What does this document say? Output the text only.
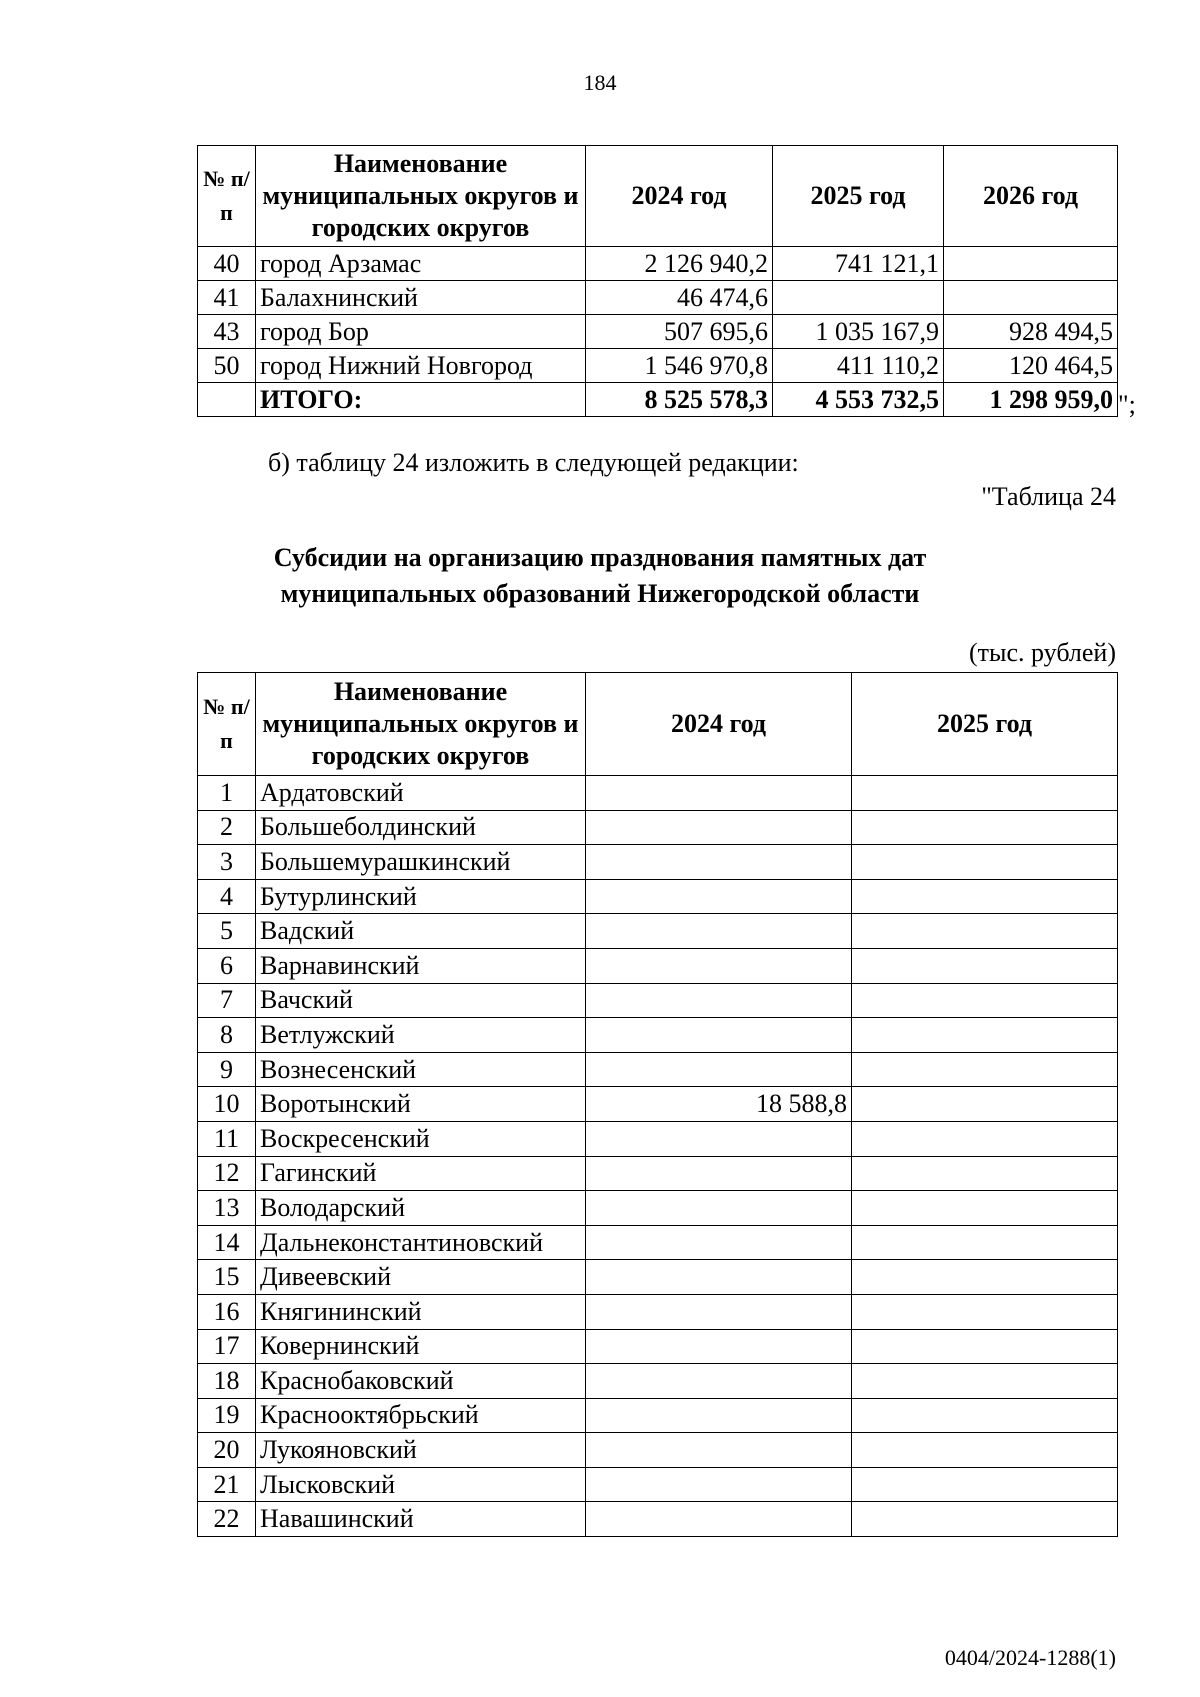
184
№ п/п	Наименование муниципальных округов и городских округов	2024 год	2025 год	2026 год
40	город Арзамас	2 126 940,2	741 121,1	
41	Балахнинский	46 474,6		
43	город Бор	507 695,6	1 035 167,9	928 494,5
50	город Нижний Новгород	1 546 970,8	411 110,2	120 464,5
	ИТОГО:	8 525 578,3	4 553 732,5	1 298 959,0 ";
б) таблицу 24 изложить в следующей редакции:
"Таблица 24
Субсидии на организацию празднования памятных дат
муниципальных образований Нижегородской области
(тыс. рублей)
№ п/п	Наименование муниципальных округов и городских округов	2024 год	2025 год
1	Ардатовский		
2	Большеболдинский		
3	Большемурашкинский		
4	Бутурлинский		
5	Вадский		
6	Варнавинский		
7	Вачский		
8	Ветлужский		
9	Вознесенский		
10	Воротынский	18 588,8	
11	Воскресенский		
12	Гагинский		
13	Володарский		
14	Дальнеконстантиновский		
15	Дивеевский		
16	Княгининский		
17	Ковернинский		
18	Краснобаковский		
19	Краснооктябрьский		
20	Лукояновский		
21	Лысковский		
22	Навашинский		
0404/2024-1288(1)
